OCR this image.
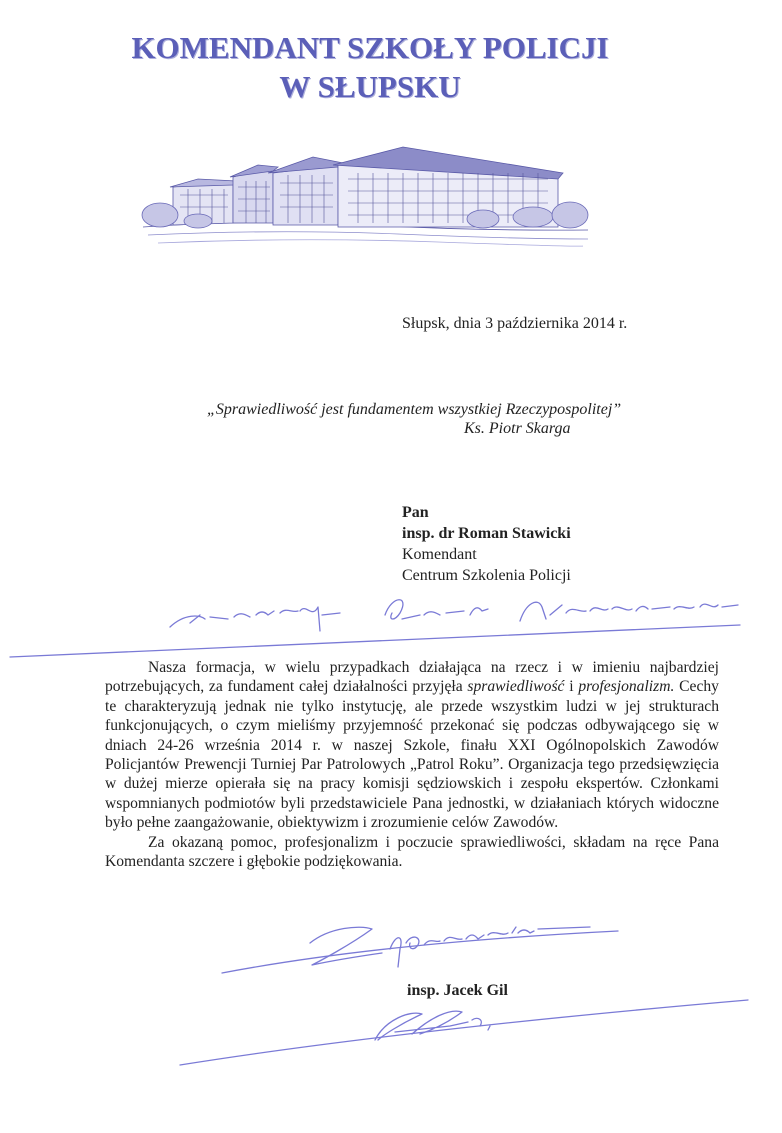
KOMENDANT SZKOŁY POLICJI
W SŁUPSKU
Słupsk, dnia 3 października 2014 r.
„Sprawiedliwość jest fundamentem wszystkiej Rzeczypospolitej”
Ks. Piotr Skarga
Pan
insp. dr Roman Stawicki
Komendant
Centrum Szkolenia Policji

Nasza formacja, w wielu przypadkach działająca na rzecz i w imieniu najbardziej potrzebujących, za fundament całej działalności przyjęła sprawiedliwość i profesjonalizm. Cechy te charakteryzują jednak nie tylko instytucję, ale przede wszystkim ludzi w jej strukturach funkcjonujących, o czym mieliśmy przyjemność przekonać się podczas odbywającego się w dniach 24-26 września 2014 r. w naszej Szkole, finału XXI Ogólnopolskich Zawodów Policjantów Prewencji Turniej Par Patrolowych „Patrol Roku”. Organizacja tego przedsięwzięcia w dużej mierze opierała się na pracy komisji sędziowskich i zespołu ekspertów. Członkami wspomnianych podmiotów byli przedstawiciele Pana jednostki, w działaniach których widoczne było pełne zaangażowanie, obiektywizm i zrozumienie celów Zawodów.

Za okazaną pomoc, profesjonalizm i poczucie sprawiedliwości, składam na ręce Pana Komendanta szczere i głębokie podziękowania.

insp. Jacek Gil
